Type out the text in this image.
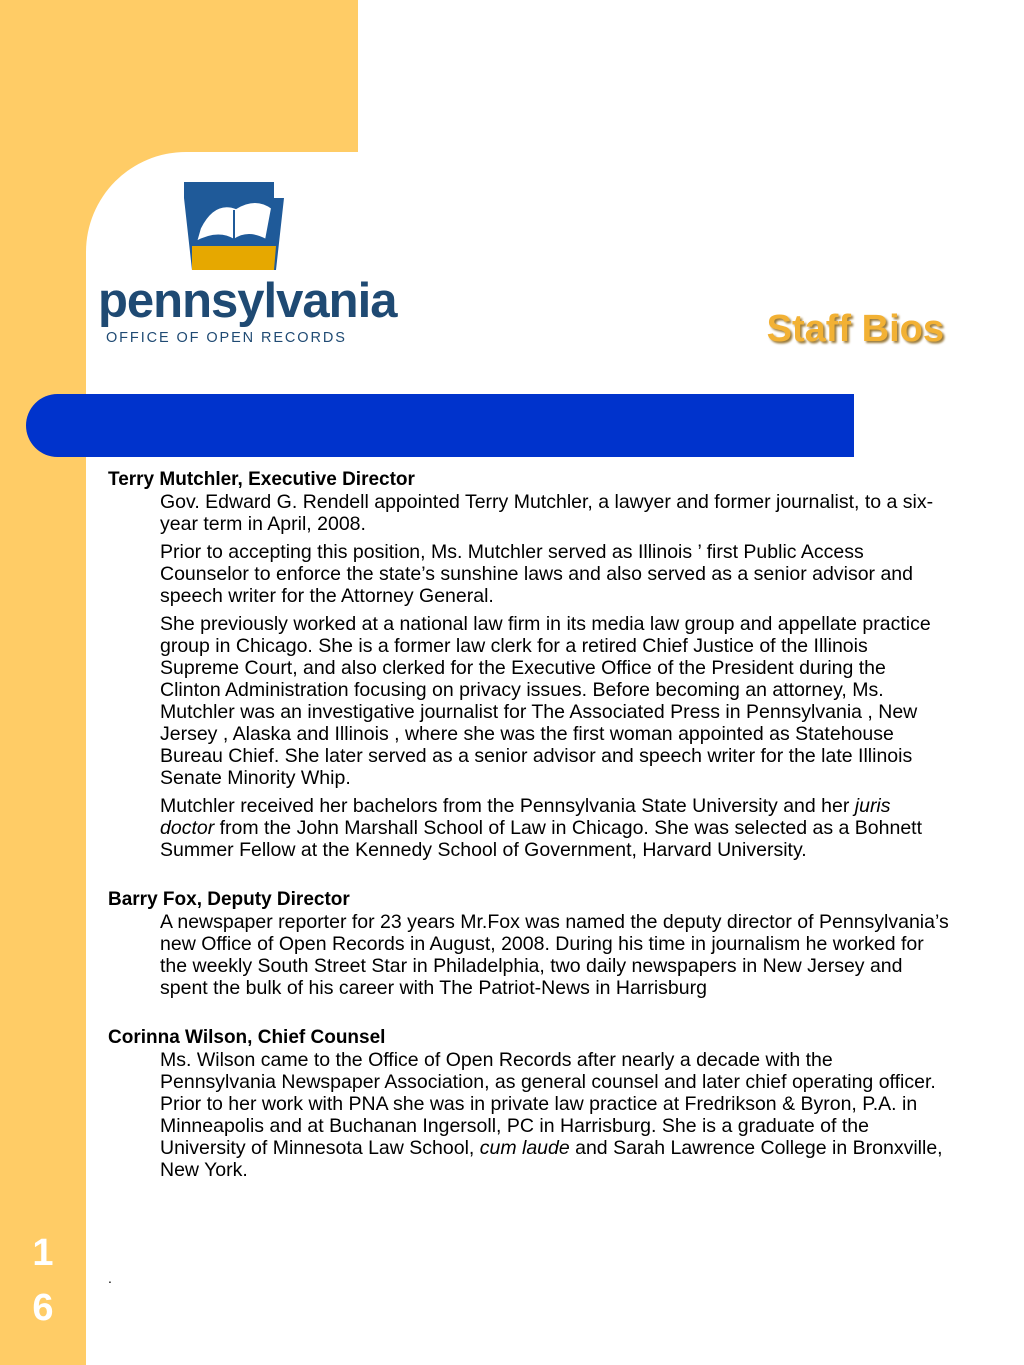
pennsylvania
OFFICE OF OPEN RECORDS	Staff Bios

Terry Mutchler, Executive Director

Gov. Edward G. Rendell appointed Terry Mutchler, a lawyer and former journalist, to a six-year term in April, 2008.

Prior to accepting this position, Ms. Mutchler served as Illinois ’ first Public Access Counselor to enforce the state’s sunshine laws and also served as a senior advisor and speech writer for the Attorney General.

She previously worked at a national law firm in its media law group and appellate practice group in Chicago. She is a former law clerk for a retired Chief Justice of the Illinois Supreme Court, and also clerked for the Executive Office of the President during the Clinton Administration focusing on privacy issues. Before becoming an attorney, Ms. Mutchler was an investigative journalist for The Associated Press in Pennsylvania , New Jersey , Alaska and Illinois , where she was the first woman appointed as Statehouse Bureau Chief. She later served as a senior advisor and speech writer for the late Illinois Senate Minority Whip.

Mutchler received her bachelors from the Pennsylvania State University and her juris doctor from the John Marshall School of Law in Chicago. She was selected as a Bohnett Summer Fellow at the Kennedy School of Government, Harvard University.

Barry Fox, Deputy Director

A newspaper reporter for 23 years Mr.Fox was named the deputy director of Pennsylvania’s new Office of Open Records in August, 2008. During his time in journalism he worked for the weekly South Street Star in Philadelphia, two daily newspapers in New Jersey and spent the bulk of his career with The Patriot-News in Harrisburg

Corinna Wilson, Chief Counsel

Ms. Wilson came to the Office of Open Records after nearly a decade with the Pennsylvania Newspaper Association, as general counsel and later chief operating officer. Prior to her work with PNA she was in private law practice at Fredrikson & Byron, P.A. in Minneapolis and at Buchanan Ingersoll, PC in Harrisburg. She is a graduate of the University of Minnesota Law School, cum laude and Sarah Lawrence College in Bronxville, New York.

.
1
6
